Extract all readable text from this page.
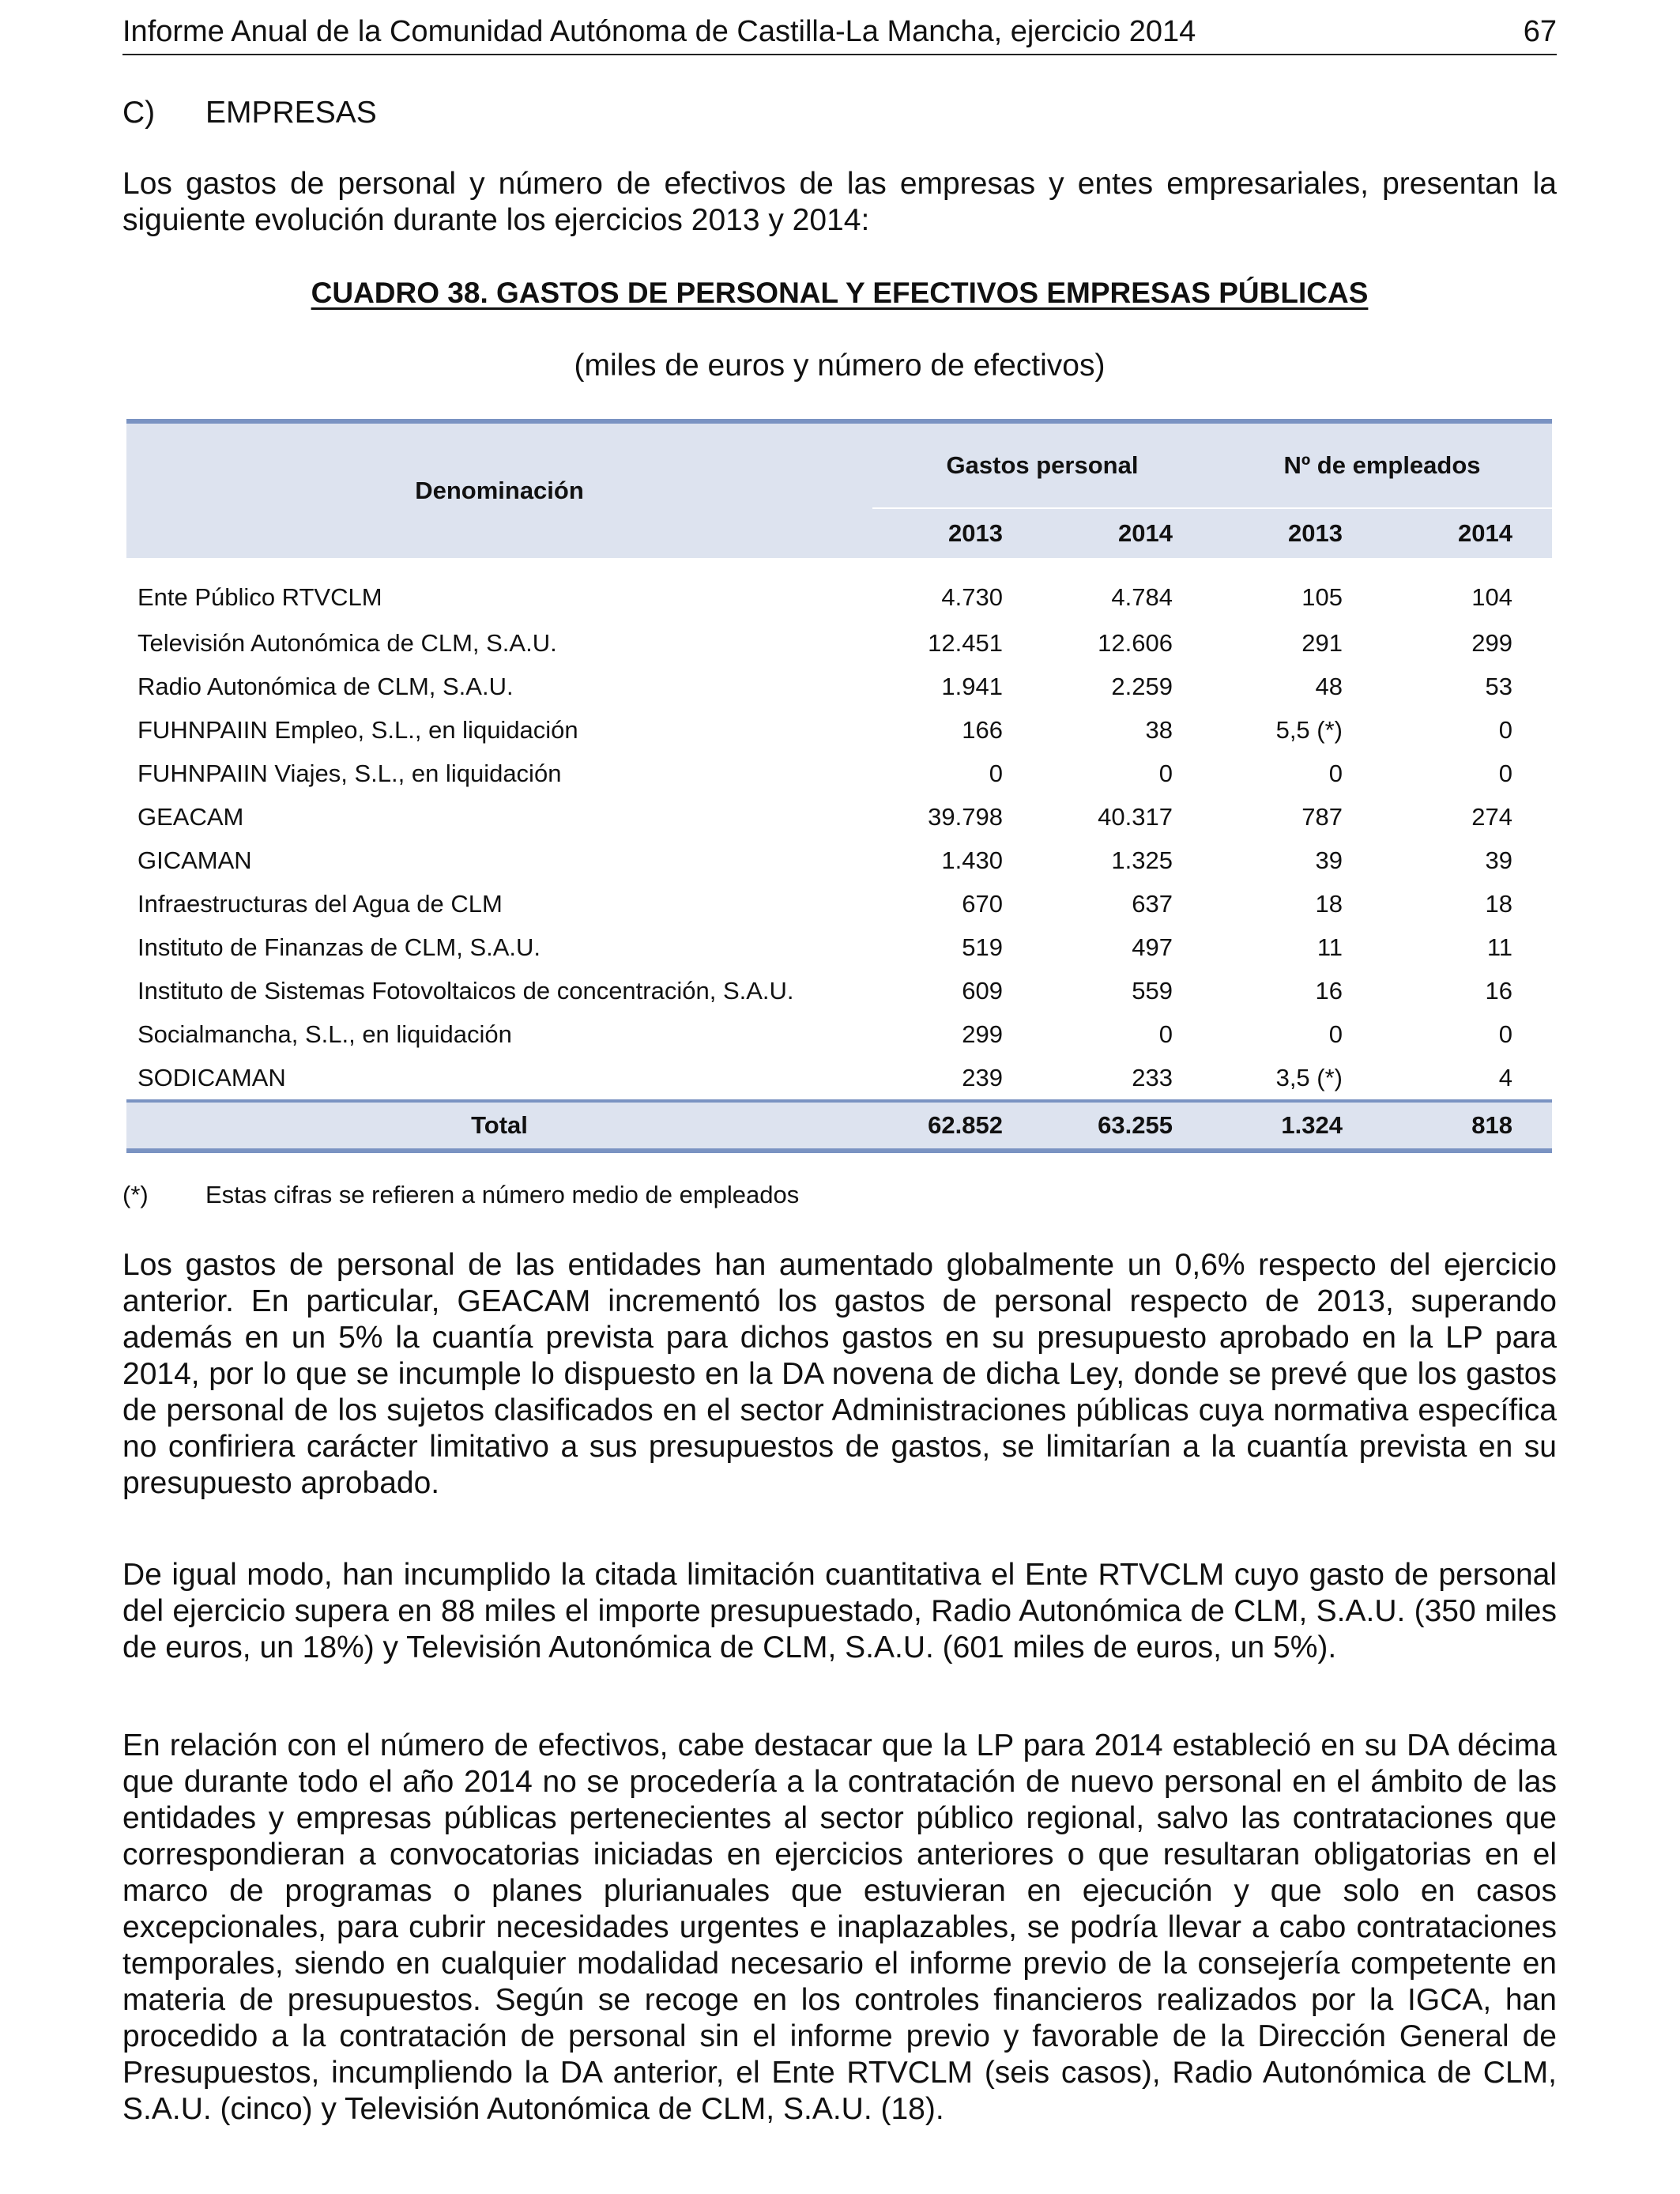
Informe Anual de la Comunidad Autónoma de Castilla-La Mancha, ejercicio 2014	67
C) EMPRESAS

Los gastos de personal y número de efectivos de las empresas y entes empresariales, presentan la siguiente evolución durante los ejercicios 2013 y 2014:

CUADRO 38. GASTOS DE PERSONAL Y EFECTIVOS EMPRESAS PÚBLICAS
(miles de euros y número de efectivos)
Denominación	Gastos personal		Nº de empleados	
	2013	2014	2013	2014
Ente Público RTVCLM	4.730	4.784	105	104
Televisión Autonómica de CLM, S.A.U.	12.451	12.606	291	299
Radio Autonómica de CLM, S.A.U.	1.941	2.259	48	53
FUHNPAIIN Empleo, S.L., en liquidación	166	38	5,5 (*)	0
FUHNPAIIN Viajes, S.L., en liquidación	0	0	0	0
GEACAM	39.798	40.317	787	274
GICAMAN	1.430	1.325	39	39
Infraestructuras del Agua de CLM	670	637	18	18
Instituto de Finanzas de CLM, S.A.U.	519	497	11	11
Instituto de Sistemas Fotovoltaicos de concentración, S.A.U.	609	559	16	16
Socialmancha, S.L., en liquidación	299	0	0	0
SODICAMAN	239	233	3,5 (*)	4
Total	62.852	63.255	1.324	818
(*) Estas cifras se refieren a número medio de empleados

Los gastos de personal de las entidades han aumentado globalmente un 0,6% respecto del ejercicio anterior. En particular, GEACAM incrementó los gastos de personal respecto de 2013, superando además en un 5% la cuantía prevista para dichos gastos en su presupuesto aprobado en la LP para 2014, por lo que se incumple lo dispuesto en la DA novena de dicha Ley, donde se prevé que los gastos de personal de los sujetos clasificados en el sector Administraciones públicas cuya normativa específica no confiriera carácter limitativo a sus presupuestos de gastos, se limitarían a la cuantía prevista en su presupuesto aprobado.

De igual modo, han incumplido la citada limitación cuantitativa el Ente RTVCLM cuyo gasto de personal del ejercicio supera en 88 miles el importe presupuestado, Radio Autonómica de CLM, S.A.U. (350 miles de euros, un 18%) y Televisión Autonómica de CLM, S.A.U. (601 miles de euros, un 5%).

En relación con el número de efectivos, cabe destacar que la LP para 2014 estableció en su DA décima que durante todo el año 2014 no se procedería a la contratación de nuevo personal en el ámbito de las entidades y empresas públicas pertenecientes al sector público regional, salvo las contrataciones que correspondieran a convocatorias iniciadas en ejercicios anteriores o que resultaran obligatorias en el marco de programas o planes plurianuales que estuvieran en ejecución y que solo en casos excepcionales, para cubrir necesidades urgentes e inaplazables, se podría llevar a cabo contrataciones temporales, siendo en cualquier modalidad necesario el informe previo de la consejería competente en materia de presupuestos. Según se recoge en los controles financieros realizados por la IGCA, han procedido a la contratación de personal sin el informe previo y favorable de la Dirección General de Presupuestos, incumpliendo la DA anterior, el Ente RTVCLM (seis casos), Radio Autonómica de CLM, S.A.U. (cinco) y Televisión Autonómica de CLM, S.A.U. (18).
